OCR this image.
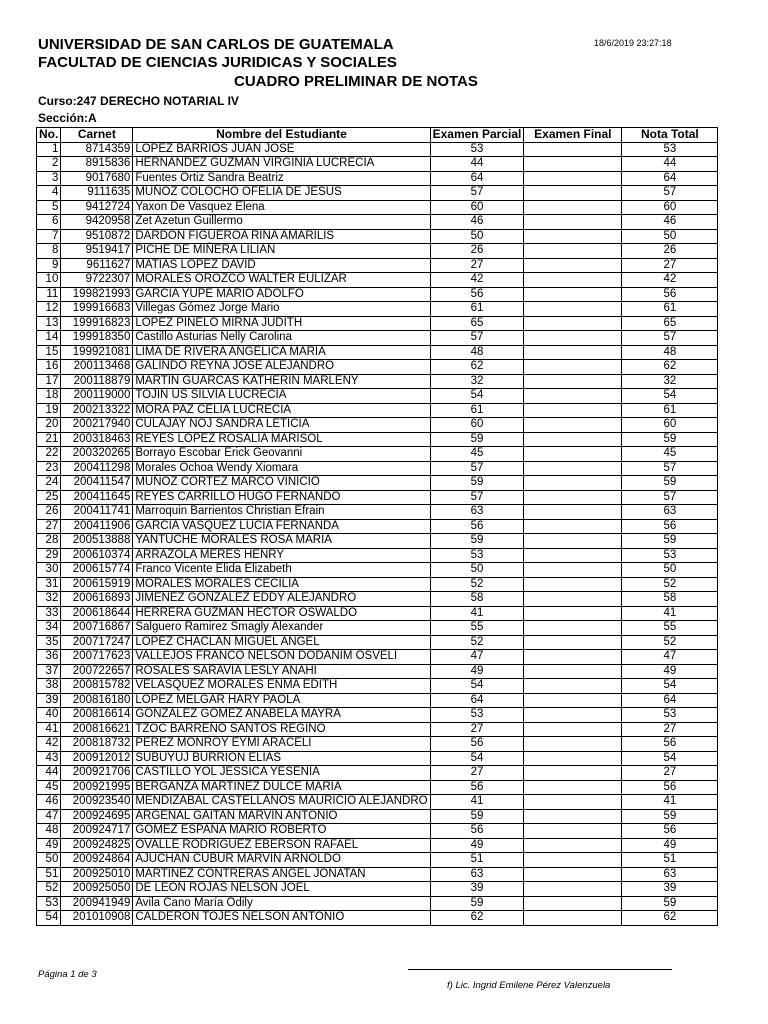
UNIVERSIDAD DE SAN CARLOS DE GUATEMALA
FACULTAD DE CIENCIAS JURIDICAS Y SOCIALES
CUADRO PRELIMINAR DE NOTAS
18/6/2019 23:27:18
Curso:247 DERECHO NOTARIAL IV
Sección:A
No.	Carnet	Nombre del Estudiante	Examen Parcial	Examen Final	Nota Total
1	8714359	LOPEZ BARRIOS JUAN JOSE	53		53
2	8915836	HERNANDEZ GUZMAN VIRGINIA LUCRECIA	44		44
3	9017680	Fuentes Ortiz Sandra Beatriz	64		64
4	9111635	MUÑOZ COLOCHO OFELIA DE JESUS	57		57
5	9412724	Yaxon De Vasquez Elena	60		60
6	9420958	Zet Azetun Guillermo	46		46
7	9510872	DARDON FIGUEROA RINA AMARILIS	50		50
8	9519417	PICHE DE MIÑERA LILIAN	26		26
9	9611627	MATIAS LOPEZ DAVID	27		27
10	9722307	MORALES OROZCO WALTER EULIZAR	42		42
11	199821993	GARCIA YUPE MARIO ADOLFO	56		56
12	199916683	Villegas Gómez Jorge Mario	61		61
13	199916823	LOPEZ PINELO MIRNA JUDITH	65		65
14	199918350	Castillo Asturias Nelly Carolina	57		57
15	199921081	LIMA DE RIVERA ANGELICA MARIA	48		48
16	200113468	GALINDO REYNA JOSE ALEJANDRO	62		62
17	200118879	MARTIN GUARCAS KATHERIN MARLENY	32		32
18	200119000	TOJIN US SILVIA LUCRECIA	54		54
19	200213322	MORA PAZ CELIA LUCRECIA	61		61
20	200217940	CULAJAY NOJ SANDRA LETICIA	60		60
21	200318463	REYES LOPEZ ROSALIA MARISOL	59		59
22	200320265	Borrayo Escobar Erick Geovanni	45		45
23	200411298	Morales Ochoa Wendy Xiomara	57		57
24	200411547	MUÑOZ CORTEZ MARCO VINICIO	59		59
25	200411645	REYES CARRILLO HUGO FERNANDO	57		57
26	200411741	Marroquin Barrientos Christian Efrain	63		63
27	200411906	GARCIA VASQUEZ LUCIA FERNANDA	56		56
28	200513888	YANTUCHE MORALES ROSA MARIA	59		59
29	200610374	ARRAZOLA MERES HENRY	53		53
30	200615774	Franco Vicente Elida Elizabeth	50		50
31	200615919	MORALES MORALES CECILIA	52		52
32	200616893	JIMENEZ GONZALEZ EDDY ALEJANDRO	58		58
33	200618644	HERRERA GUZMAN HECTOR OSWALDO	41		41
34	200716867	Salguero Ramirez Smagly Alexander	55		55
35	200717247	LOPEZ CHACLAN MIGUEL ANGEL	52		52
36	200717623	VALLEJOS FRANCO NELSON DODANIM OSVELI	47		47
37	200722657	ROSALES SARAVIA LESLY ANAHI	49		49
38	200815782	VELASQUEZ MORALES ENMA EDITH	54		54
39	200816180	LOPEZ MELGAR HARY PAOLA	64		64
40	200816614	GONZALEZ GOMEZ ANABELA MAYRA	53		53
41	200816621	TZOC BARREÑO SANTOS REGINO	27		27
42	200818732	PEREZ MONROY EYMI ARACELI	56		56
43	200912012	SUBUYUJ BURRION ELIAS	54		54
44	200921706	CASTILLO YOL JESSICA YESENIA	27		27
45	200921995	BERGANZA MARTINEZ DULCE MARIA	56		56
46	200923540	MENDIZABAL CASTELLANOS MAURICIO ALEJANDRO	41		41
47	200924695	ARGENAL GAITAN MARVIN ANTONIO	59		59
48	200924717	GOMEZ ESPAÑA MARIO ROBERTO	56		56
49	200924825	OVALLE RODRIGUEZ EBERSON RAFAEL	49		49
50	200924864	AJUCHAN CUBUR MARVIN ARNOLDO	51		51
51	200925010	MARTINEZ CONTRERAS ANGEL JONATAN	63		63
52	200925050	DE LEON ROJAS NELSON JOEL	39		39
53	200941949	Avila Cano María Odily	59		59
54	201010908	CALDERON TOJES NELSON ANTONIO	62		62
Página 1 de 3
f) Lic. Ingrid Emilene Pérez Valenzuela
